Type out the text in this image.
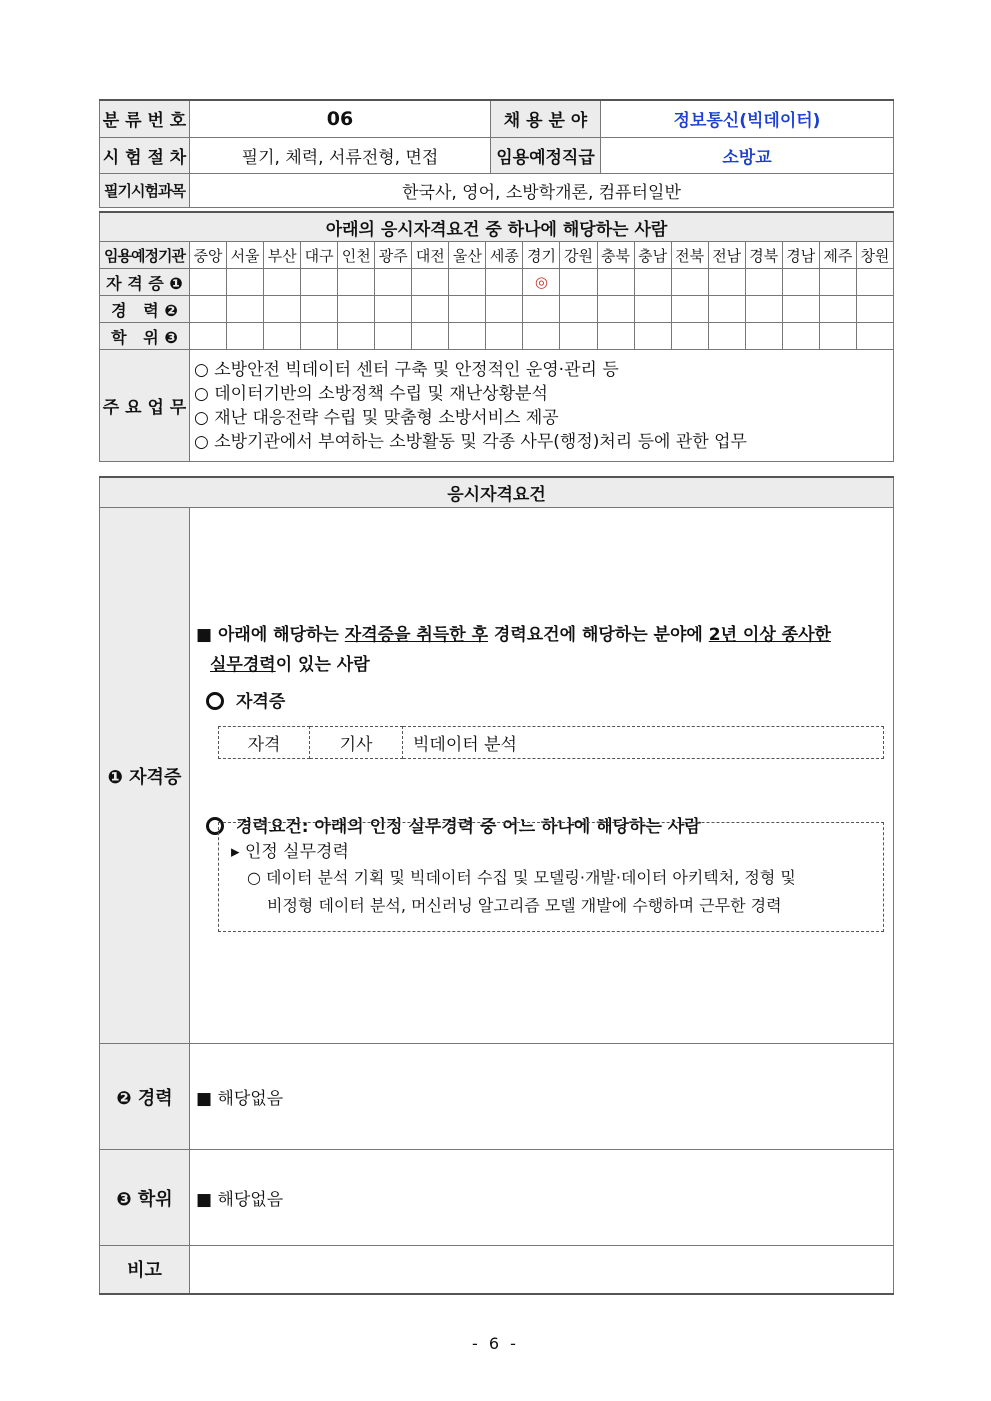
분 류 번 호	06	채 용 분 야	정보통신(빅데이터)
시 험 절 차	필기, 체력, 서류전형, 면접	임용예정직급	소방교
필기시험과목	한국사, 영어, 소방학개론, 컴퓨터일반		
아래의 응시자격요건 중 하나에 해당하는 사람																			
임용예정기관	중앙	서울	부산	대구	인천	광주	대전	울산	세종	경기	강원	충북	충남	전북	전남	경북	경남	제주	창원
자 격 증 ❶										◎									
경   력 ❷																			
학   위 ❸																			
주 요 업 무	○ 소방안전 빅데이터 센터 구축 및 안정적인 운영·관리 등
○ 데이터기반의 소방정책 수립 및 재난상황분석
○ 재난 대응전략 수립 및 맞춤형 소방서비스 제공
○ 소방기관에서 부여하는 소방활동 및 각종 사무(행정)처리 등에 관한 업무																		
응시자격요건
❶ 자격증	
■ 아래에 해당하는 자격증을 취득한 후 경력요건에 해당하는 분야에 2년 이상 종사한
실무경력이 있는 사람
자격증
자격	기사	빅데이터 분석
경력요건: 아래의 인정 실무경력 중 어느 하나에 해당하는 사람
▸ 인정 실무경력
○ 데이터 분석 기획 및 빅데이터 수집 및 모델링·개발·데이터 아키텍처, 정형 및
비정형 데이터 분석, 머신러닝 알고리즘 모델 개발에 수행하며 근무한 경력

❷ 경력	■ 해당없음
❸ 학위	■ 해당없음
비고	
- 6 -
